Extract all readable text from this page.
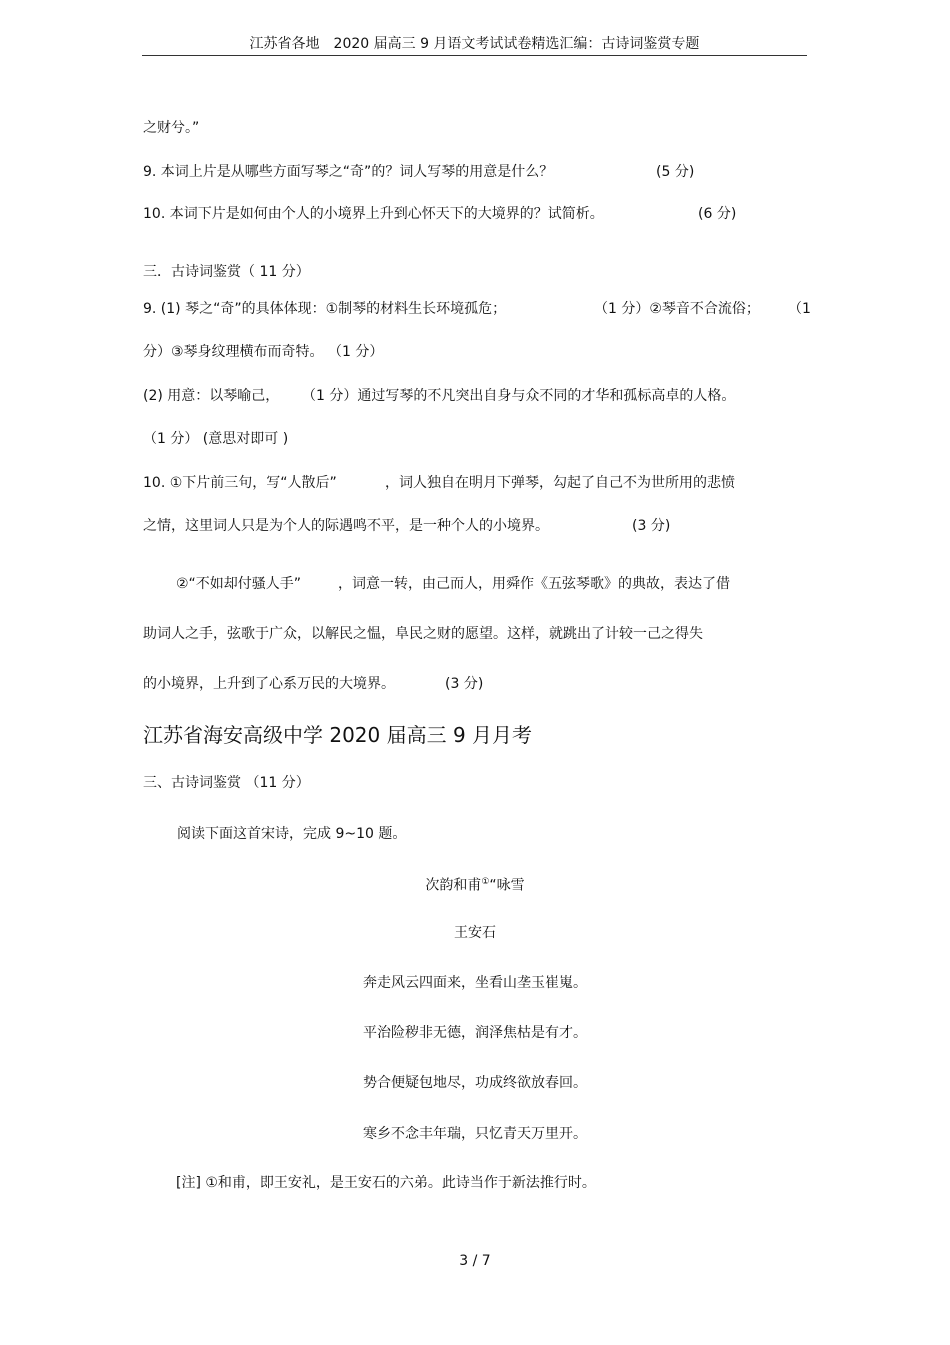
江苏省各地　2020 届高三 9 月语文考试试卷精选汇编：古诗词鉴赏专题
之财兮。”
9. 本词上片是从哪些方面写琴之“奇”的？词人写琴的用意是什么？	(5 分)
10. 本词下片是如何由个人的小境界上升到心怀天下的大境界的？试简析。	(6 分)
三．古诗词鉴赏（ 11 分）
9. (1) 琴之“奇”的具体体现：①制琴的材料生长环境孤危；	（1 分）②琴音不合流俗； （1
分）③琴身纹理横布而奇特。 （1 分）
(2) 用意：以琴喻己， （1 分）通过写琴的不凡突出自身与众不同的才华和孤标高卓的人格。
（1 分） (意思对即可 )
10. ①下片前三句，写“人散后”	，词人独自在明月下弹琴，勾起了自己不为世所用的悲愤
之情，这里词人只是为个人的际遇鸣不平，是一种个人的小境界。	(3 分)
②“不如却付骚人手”	，词意一转，由己而人，用舜作《五弦琴歌》的典故，表达了借
助词人之手，弦歌于广众，以解民之愠，阜民之财的愿望。这样，就跳出了计较一己之得失
的小境界，上升到了心系万民的大境界。	(3 分)
江苏省海安高级中学 2020 届高三 9 月月考
三、古诗词鉴赏 （11 分）
阅读下面这首宋诗，完成 9~10 题。
次韵和甫①“咏雪
王安石
奔走风云四面来，坐看山垄玉崔嵬。
平治险秽非无德，润泽焦枯是有才。
势合便疑包地尽，功成终欲放春回。
寒乡不念丰年瑞，只忆青天万里开。
[注] ①和甫，即王安礼，是王安石的六弟。此诗当作于新法推行时。
3 / 7
